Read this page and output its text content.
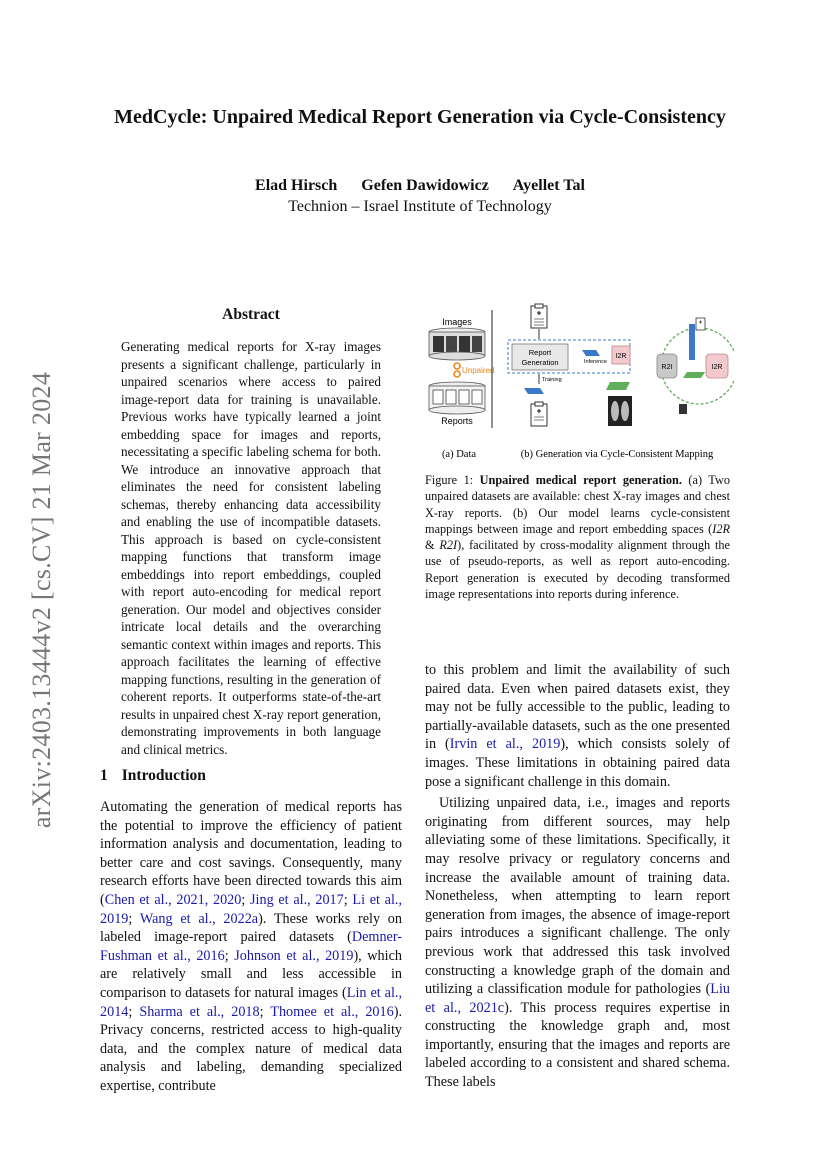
arXiv:2403.13444v2 [cs.CV] 21 Mar 2024
MedCycle: Unpaired Medical Report Generation via Cycle-Consistency
Elad Hirsch Gefen Dawidowicz Ayellet Tal
Technion – Israel Institute of Technology
Abstract
Generating medical reports for X-ray images presents a significant challenge, particularly in unpaired scenarios where access to paired image-report data for training is unavailable. Previous works have typically learned a joint embedding space for images and reports, necessitating a specific labeling schema for both. We introduce an innovative approach that eliminates the need for consistent labeling schemas, thereby enhancing data accessibility and enabling the use of incompatible datasets. This approach is based on cycle-consistent mapping functions that transform image embeddings into report embeddings, coupled with report auto-encoding for medical report generation. Our model and objectives consider intricate local details and the overarching semantic context within images and reports. This approach facilitates the learning of effective mapping functions, resulting in the generation of coherent reports. It outperforms state-of-the-art results in unpaired chest X-ray report generation, demonstrating improvements in both language and clinical metrics.
1 Introduction
Automating the generation of medical reports has the potential to improve the efficiency of patient information analysis and documentation, leading to better care and cost savings. Consequently, many research efforts have been directed towards this aim (Chen et al., 2021, 2020; Jing et al., 2017; Li et al., 2019; Wang et al., 2022a). These works rely on labeled image-report paired datasets (Demner-Fushman et al., 2016; Johnson et al., 2019), which are relatively small and less accessible in comparison to datasets for natural images (Lin et al., 2014; Sharma et al., 2018; Thomee et al., 2016). Privacy concerns, restricted access to high-quality data, and the complex nature of medical data analysis and labeling, demanding specialized expertise, contribute
Images
Unpaired
Reports
Report
Generation	Inference
I2R
Training
R2I	I2R
(a) Data	(b) Generation via Cycle-Consistent Mapping
Figure 1: Unpaired medical report generation. (a) Two unpaired datasets are available: chest X-ray images and chest X-ray reports. (b) Our model learns cycle-consistent mappings between image and report embedding spaces (I2R & R2I), facilitated by cross-modality alignment through the use of pseudo-reports, as well as report auto-encoding. Report generation is executed by decoding transformed image representations into reports during inference.

to this problem and limit the availability of such paired data. Even when paired datasets exist, they may not be fully accessible to the public, leading to partially-available datasets, such as the one presented in (Irvin et al., 2019), which consists solely of images. These limitations in obtaining paired data pose a significant challenge in this domain.

Utilizing unpaired data, i.e., images and reports originating from different sources, may help alleviating some of these limitations. Specifically, it may resolve privacy or regulatory concerns and increase the available amount of training data. Nonetheless, when attempting to learn report generation from images, the absence of image-report pairs introduces a significant challenge. The only previous work that addressed this task involved constructing a knowledge graph of the domain and utilizing a classification module for pathologies (Liu et al., 2021c). This process requires expertise in constructing the knowledge graph and, most importantly, ensuring that the images and reports are labeled according to a consistent and shared schema. These labels
